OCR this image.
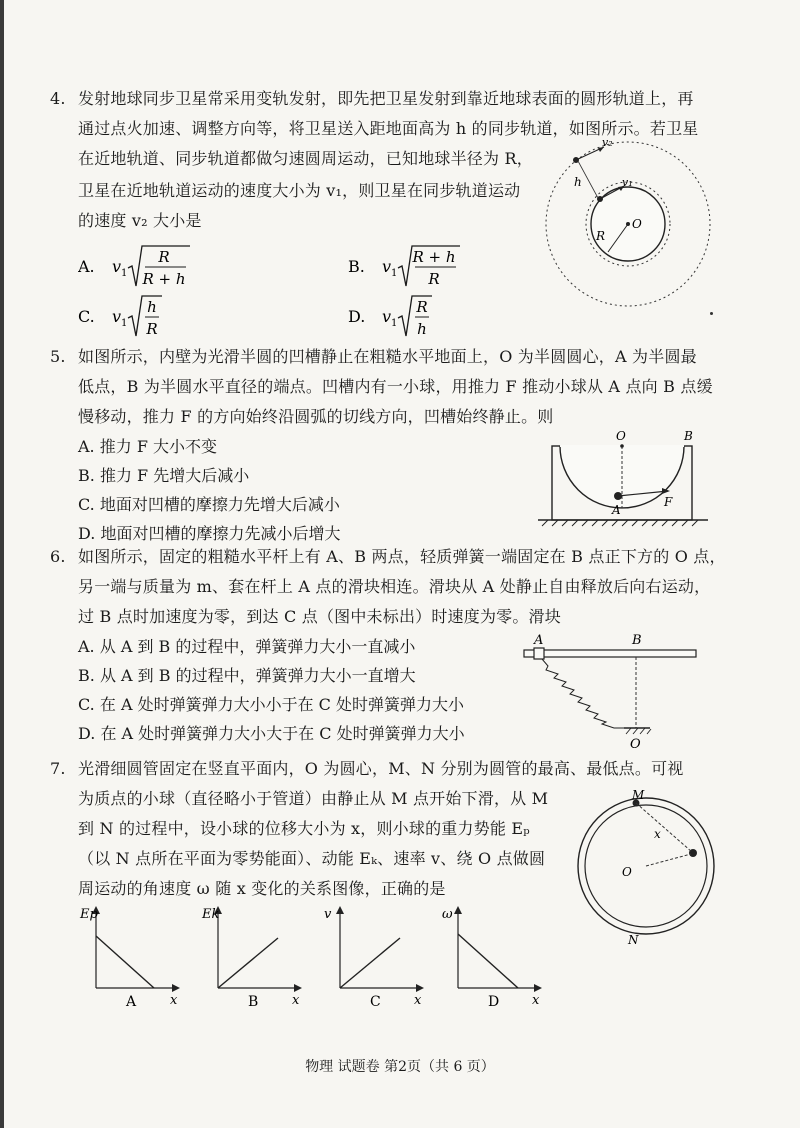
4. 发射地球同步卫星常采用变轨发射，即先把卫星发射到靠近地球表面的圆形轨道上，再
通过点火加速、调整方向等，将卫星送入距地面高为 h 的同步轨道，如图所示。若卫星
在近地轨道、同步轨道都做匀速圆周运动，已知地球半径为 R，
卫星在近地轨道运动的速度大小为 v₁，则卫星在同步轨道运动
的速度 v₂ 大小是
A. v 1
R
R + h
B. v 1
R + h
R
C. v 1
h
R
D. v 1
R
h
v₂
v₁
h
R
O
5. 如图所示，内壁为光滑半圆的凹槽静止在粗糙水平地面上，O 为半圆圆心，A 为半圆最
低点，B 为半圆水平直径的端点。凹槽内有一小球，用推力 F 推动小球从 A 点向 B 点缓
慢移动，推力 F 的方向始终沿圆弧的切线方向，凹槽始终静止。则
A. 推力 F 大小不变
B. 推力 F 先增大后减小
C. 地面对凹槽的摩擦力先增大后减小
D. 地面对凹槽的摩擦力先减小后增大
O	B
A
F
6. 如图所示，固定的粗糙水平杆上有 A、B 两点，轻质弹簧一端固定在 B 点正下方的 O 点，
另一端与质量为 m、套在杆上 A 点的滑块相连。滑块从 A 处静止自由释放后向右运动，
过 B 点时加速度为零，到达 C 点（图中未标出）时速度为零。滑块
A. 从 A 到 B 的过程中，弹簧弹力大小一直减小
B. 从 A 到 B 的过程中，弹簧弹力大小一直增大
C. 在 A 处时弹簧弹力大小小于在 C 处时弹簧弹力大小
D. 在 A 处时弹簧弹力大小大于在 C 处时弹簧弹力大小
A	B
O
7. 光滑细圆管固定在竖直平面内，O 为圆心，M、N 分别为圆管的最高、最低点。可视
为质点的小球（直径略小于管道）由静止从 M 点开始下滑，从 M
到 N 的过程中，设小球的位移大小为 x，则小球的重力势能 Eₚ
（以 N 点所在平面为零势能面）、动能 Eₖ、速率 v、绕 O 点做圆
周运动的角速度 ω 随 x 变化的关系图像，正确的是
M
x
O
N
Ep
x
A
Ek
x
B
v
x
C
ω
x
D
物理 试题卷 第2页（共 6 页）
